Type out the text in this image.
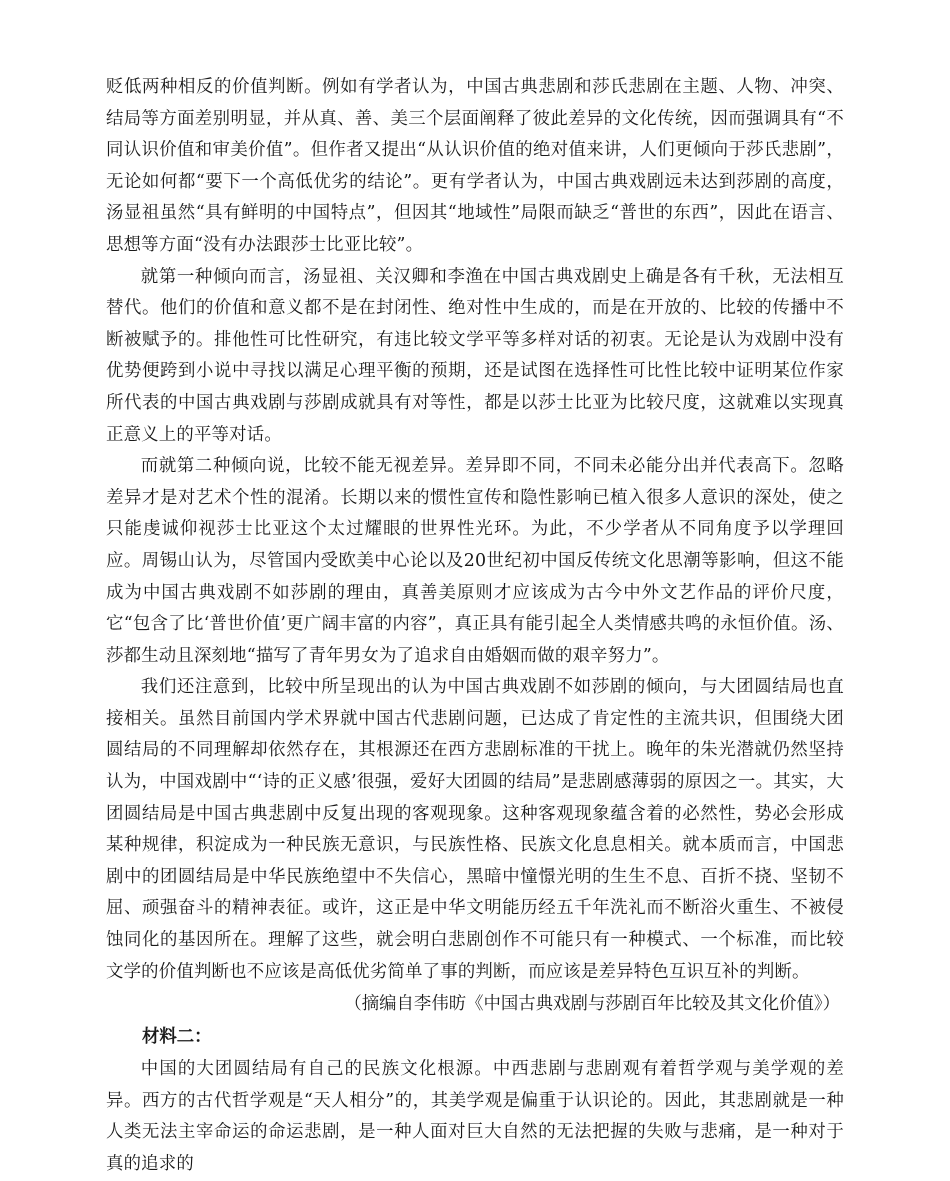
贬低两种相反的价值判断。例如有学者认为，中国古典悲剧和莎氏悲剧在主题、人物、冲突、结局等方面差别明显，并从真、善、美三个层面阐释了彼此差异的文化传统，因而强调具有“不同认识价值和审美价值”。但作者又提出“从认识价值的绝对值来讲，人们更倾向于莎氏悲剧”，无论如何都“要下一个高低优劣的结论”。更有学者认为，中国古典戏剧远未达到莎剧的高度，汤显祖虽然“具有鲜明的中国特点”，但因其“地域性”局限而缺乏“普世的东西”，因此在语言、思想等方面“没有办法跟莎士比亚比较”。

就第一种倾向而言，汤显祖、关汉卿和李渔在中国古典戏剧史上确是各有千秋，无法相互替代。他们的价值和意义都不是在封闭性、绝对性中生成的，而是在开放的、比较的传播中不断被赋予的。排他性可比性研究，有违比较文学平等多样对话的初衷。无论是认为戏剧中没有优势便跨到小说中寻找以满足心理平衡的预期，还是试图在选择性可比性比较中证明某位作家所代表的中国古典戏剧与莎剧成就具有对等性，都是以莎士比亚为比较尺度，这就难以实现真正意义上的平等对话。

而就第二种倾向说，比较不能无视差异。差异即不同，不同未必能分出并代表高下。忽略差异才是对艺术个性的混淆。长期以来的惯性宣传和隐性影响已植入很多人意识的深处，使之只能虔诚仰视莎士比亚这个太过耀眼的世界性光环。为此，不少学者从不同角度予以学理回应。周锡山认为，尽管国内受欧美中心论以及20世纪初中国反传统文化思潮等影响，但这不能成为中国古典戏剧不如莎剧的理由，真善美原则才应该成为古今中外文艺作品的评价尺度，它“包含了比‘普世价值’更广阔丰富的内容”，真正具有能引起全人类情感共鸣的永恒价值。汤、莎都生动且深刻地“描写了青年男女为了追求自由婚姻而做的艰辛努力”。

我们还注意到，比较中所呈现出的认为中国古典戏剧不如莎剧的倾向，与大团圆结局也直接相关。虽然目前国内学术界就中国古代悲剧问题，已达成了肯定性的主流共识，但围绕大团圆结局的不同理解却依然存在，其根源还在西方悲剧标准的干扰上。晚年的朱光潜就仍然坚持认为，中国戏剧中“‘诗的正义感’很强，爱好大团圆的结局”是悲剧感薄弱的原因之一。其实，大团圆结局是中国古典悲剧中反复出现的客观现象。这种客观现象蕴含着的必然性，势必会形成某种规律，积淀成为一种民族无意识，与民族性格、民族文化息息相关。就本质而言，中国悲剧中的团圆结局是中华民族绝望中不失信心，黑暗中憧憬光明的生生不息、百折不挠、坚韧不屈、顽强奋斗的精神表征。或许，这正是中华文明能历经五千年洗礼而不断浴火重生、不被侵蚀同化的基因所在。理解了这些，就会明白悲剧创作不可能只有一种模式、一个标准，而比较文学的价值判断也不应该是高低优劣简单了事的判断，而应该是差异特色互识互补的判断。

（摘编自李伟昉《中国古典戏剧与莎剧百年比较及其文化价值》）

材料二：

中国的大团圆结局有自己的民族文化根源。中西悲剧与悲剧观有着哲学观与美学观的差异。西方的古代哲学观是“天人相分”的，其美学观是偏重于认识论的。因此，其悲剧就是一种人类无法主宰命运的命运悲剧，是一种人面对巨大自然的无法把握的失败与悲痛，是一种对于真的追求的
